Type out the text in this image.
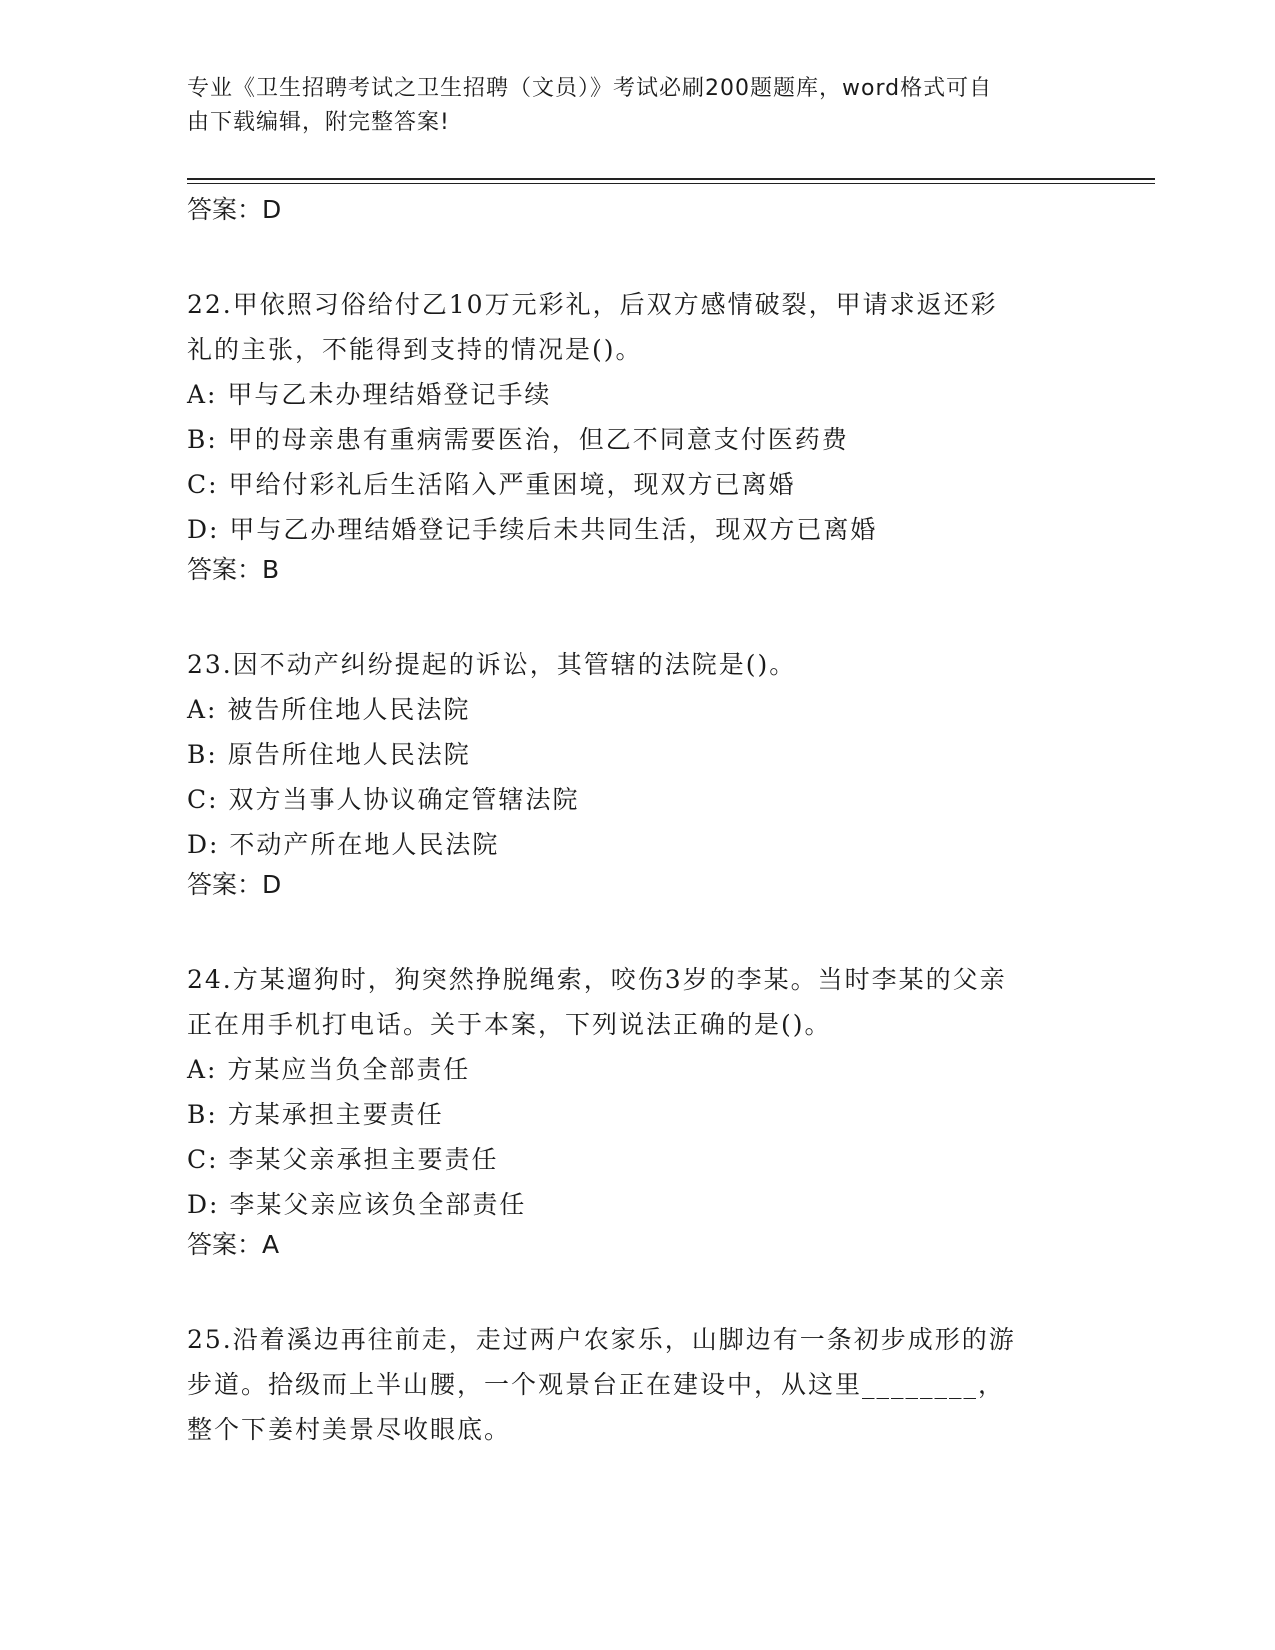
专业《卫生招聘考试之卫生招聘（文员）》考试必刷200题题库，word格式可自
由下载编辑，附完整答案!

答案：D

22.甲依照习俗给付乙10万元彩礼，后双方感情破裂，甲请求返还彩

礼的主张，不能得到支持的情况是()。

A: 甲与乙未办理结婚登记手续

B: 甲的母亲患有重病需要医治，但乙不同意支付医药费

C: 甲给付彩礼后生活陷入严重困境，现双方已离婚

D: 甲与乙办理结婚登记手续后未共同生活，现双方已离婚

答案：B

23.因不动产纠纷提起的诉讼，其管辖的法院是()。

A: 被告所住地人民法院

B: 原告所住地人民法院

C: 双方当事人协议确定管辖法院

D: 不动产所在地人民法院

答案：D

24.方某遛狗时，狗突然挣脱绳索，咬伤3岁的李某。当时李某的父亲

正在用手机打电话。关于本案，下列说法正确的是()。

A: 方某应当负全部责任

B: 方某承担主要责任

C: 李某父亲承担主要责任

D: 李某父亲应该负全部责任

答案：A

25.沿着溪边再往前走，走过两户农家乐，山脚边有一条初步成形的游

步道。拾级而上半山腰，一个观景台正在建设中，从这里________，

整个下姜村美景尽收眼底。
